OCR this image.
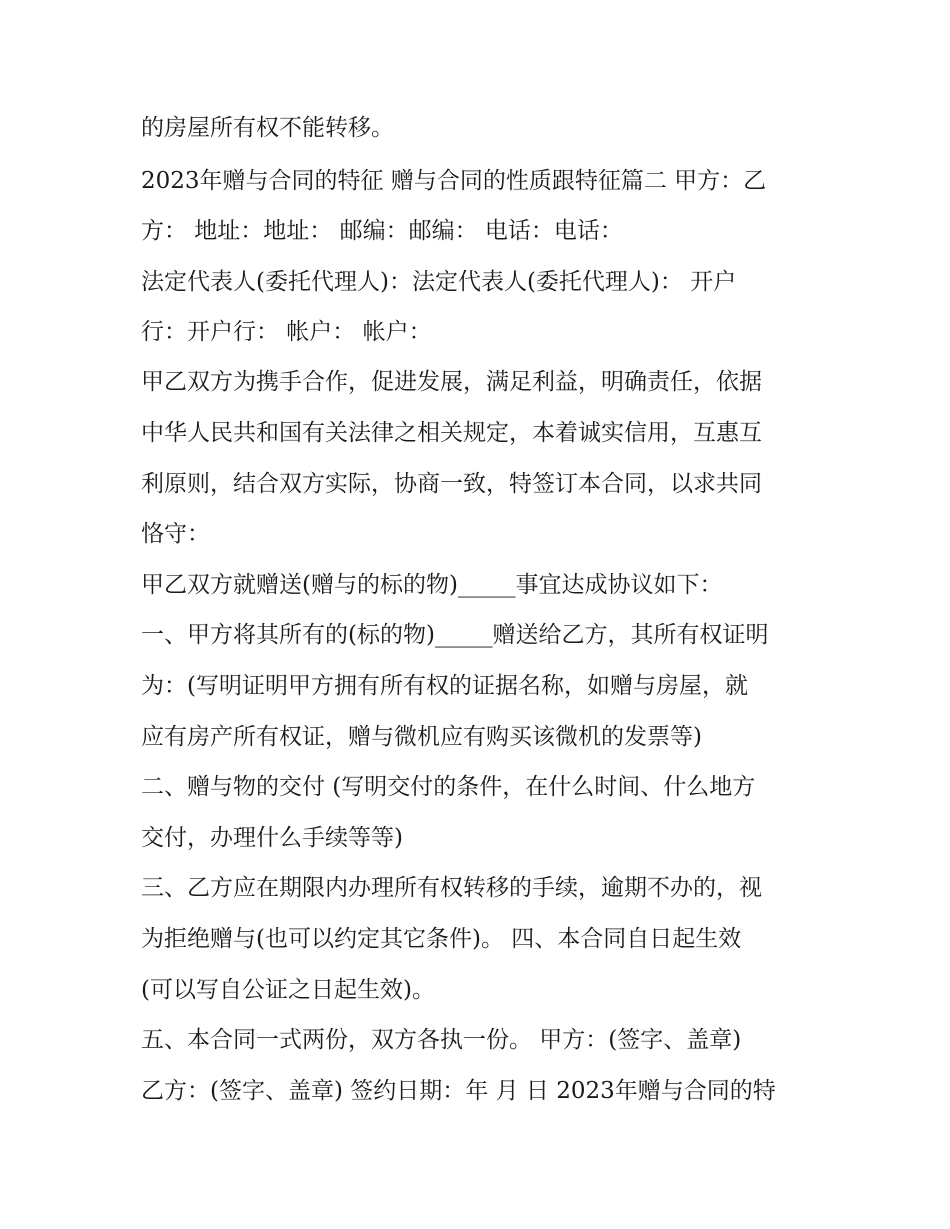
的房屋所有权不能转移。
2023年赠与合同的特征 赠与合同的性质跟特征篇二 甲方：乙
方： 地址：地址： 邮编：邮编： 电话：电话：
法定代表人(委托代理人)：法定代表人(委托代理人)： 开户
行：开户行： 帐户： 帐户：
甲乙双方为携手合作，促进发展，满足利益，明确责任，依据
中华人民共和国有关法律之相关规定，本着诚实信用，互惠互
利原则，结合双方实际，协商一致，特签订本合同，以求共同
恪守：
甲乙双方就赠送(赠与的标的物)_____事宜达成协议如下：
一、甲方将其所有的(标的物)_____赠送给乙方，其所有权证明
为：(写明证明甲方拥有所有权的证据名称，如赠与房屋，就
应有房产所有权证，赠与微机应有购买该微机的发票等)
二、赠与物的交付 (写明交付的条件，在什么时间、什么地方
交付，办理什么手续等等)
三、乙方应在期限内办理所有权转移的手续，逾期不办的，视
为拒绝赠与(也可以约定其它条件)。 四、本合同自日起生效
(可以写自公证之日起生效)。
五、本合同一式两份，双方各执一份。 甲方：(签字、盖章)
乙方：(签字、盖章) 签约日期：年 月 日 2023年赠与合同的特
